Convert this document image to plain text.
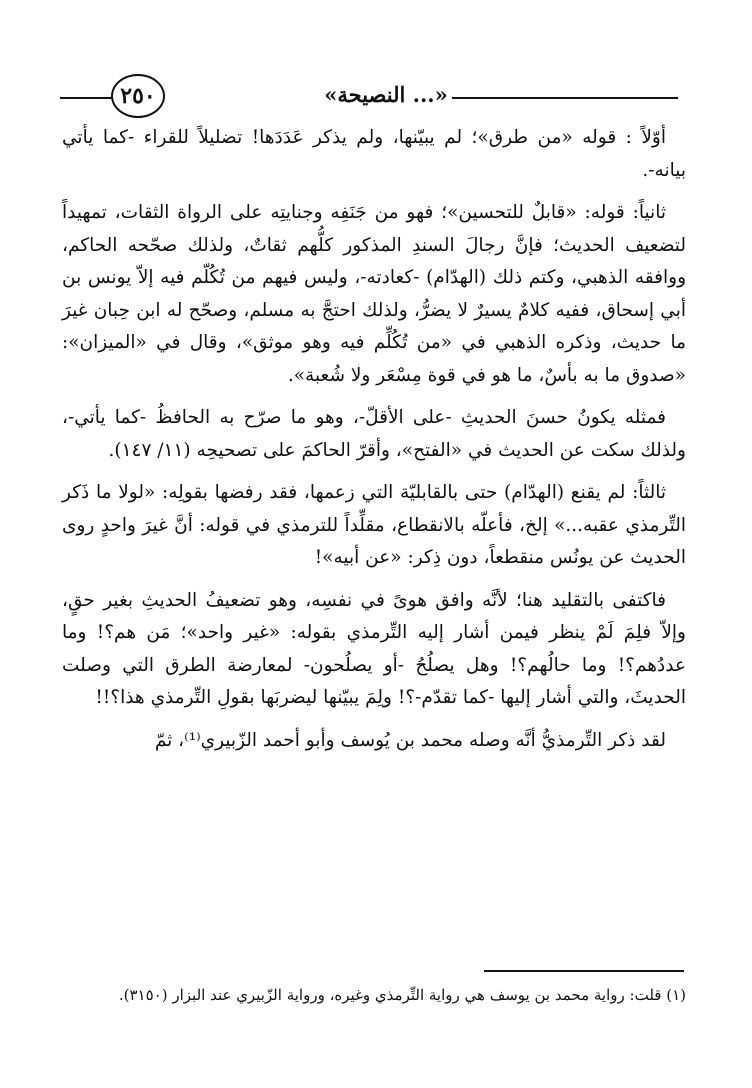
٢٥٠	«النصيحة ...»

أوّلاً : قوله «من طرق»؛ لم يبيّنها، ولم يذكر عَدَدَها! تضليلاً للقراء -كما يأتي بيانه-.

ثانياً: قوله: «قابلٌ للتحسين»؛ فهو من جَنَفِه وجنايتِه على الرواة الثقات، تمهيداً لتضعيف الحديث؛ فإنَّ رجالَ السندِ المذكور كلُّهم ثقاتٌ، ولذلك صحّحه الحاكم، ووافقه الذهبي، وكتم ذلك (الهدّام) -كعادته-، وليس فيهم من تُكُلّم فيه إلاّ يونس بن أبي إسحاق، ففيه كلامٌ يسيرٌ لا يضرُّ، ولذلك احتجَّ به مسلم، وصحّح له ابن حِبان غيرَ ما حديث، وذكره الذهبي في «من تُكُلِّم فيه وهو موثق»، وقال في «الميزان»: «صدوق ما به بأسٌ، ما هو في قوة مِسْعَر ولا شُعبة».

فمثله يكونُ حسنَ الحديثِ -على الأقلّ-، وهو ما صرّح به الحافظُ -كما يأتي-، ولذلك سكت عن الحديث في «الفتح»، وأقرّ الحاكمَ على تصحيحِه (١١/ ١٤٧).

ثالثاً: لم يقنع (الهدّام) حتى بالقابليّة التي زعمها، فقد رفضها بقولِه: «لولا ما ذَكر التِّرمذي عقبه...» إلخ، فأعلّه بالانقطاع، مقلِّداً للترمذي في قوله: أنَّ غيرَ واحدٍ روى الحديث عن يونُس منقطعاً، دون ذِكر: «عن أبيه»!

فاكتفى بالتقليد هنا؛ لأنَّه وافق هوىً في نفسِه، وهو تضعيفُ الحديثِ بغير حقٍ، وإلاّ فلِمَ لَمْ ينظر فيمن أشار إليه التِّرمذي بقوله: «غير واحد»؛ مَن هم؟! وما عددُهم؟! وما حالُهم؟! وهل يصلُحُ -أو يصلُحون- لمعارضة الطرق التي وصلت الحديثَ، والتي أشار إليها -كما تقدّم-؟! ولِمَ يبيّنها ليضربَها بقولِ التِّرمذي هذا؟!!

لقد ذكر التِّرمذيُّ أنَّه وصله محمد بن يُوسف وأبو أحمد الزّبيري⁽¹⁾، ثمّ

(١) قلت: رواية محمد بن يوسف هي رواية التِّرمذي وغيره، ورواية الزّبيري عند البزار (٣١٥٠).
